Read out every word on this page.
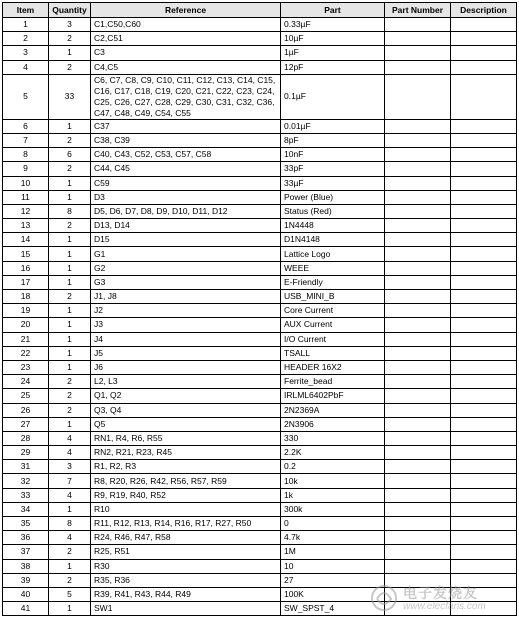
Item	Quantity	Reference	Part	Part Number	Description
1	3	C1,C50,C60	0.33µF		
2	2	C2,C51	10µF		
3	1	C3	1µF		
4	2	C4,C5	12pF		
5	33	C6, C7, C8, C9, C10, C11, C12, C13, C14, C15, C16, C17, C18, C19, C20, C21, C22, C23, C24, C25, C26, C27, C28, C29, C30, C31, C32, C36, C47, C48, C49, C54, C55	0.1µF		
6	1	C37	0.01µF		
7	2	C38, C39	8pF		
8	6	C40, C43, C52, C53, C57, C58	10nF		
9	2	C44, C45	33pF		
10	1	C59	33µF		
11	1	D3	Power (Blue)		
12	8	D5, D6, D7, D8, D9, D10, D11, D12	Status (Red)		
13	2	D13, D14	1N4448		
14	1	D15	D1N4148		
15	1	G1	Lattice Logo		
16	1	G2	WEEE		
17	1	G3	E-Friendly		
18	2	J1, J8	USB_MINI_B		
19	1	J2	Core Current		
20	1	J3	AUX Current		
21	1	J4	I/O Current		
22	1	J5	TSALL		
23	1	J6	HEADER 16X2		
24	2	L2, L3	Ferrite_bead		
25	2	Q1, Q2	IRLML6402PbF		
26	2	Q3, Q4	2N2369A		
27	1	Q5	2N3906		
28	4	RN1, R4, R6, R55	330		
29	4	RN2, R21, R23, R45	2.2K		
31	3	R1, R2, R3	0.2		
32	7	R8, R20, R26, R42, R56, R57, R59	10k		
33	4	R9, R19, R40, R52	1k		
34	1	R10	300k		
35	8	R11, R12, R13, R14, R16, R17, R27, R50	0		
36	4	R24, R46, R47, R58	4.7k		
37	2	R25, R51	1M		
38	1	R30	10		
39	2	R35, R36	27		
40	5	R39, R41, R43, R44, R49	100K		
41	1	SW1	SW_SPST_4		
电子发烧友
www.elecfans.com
